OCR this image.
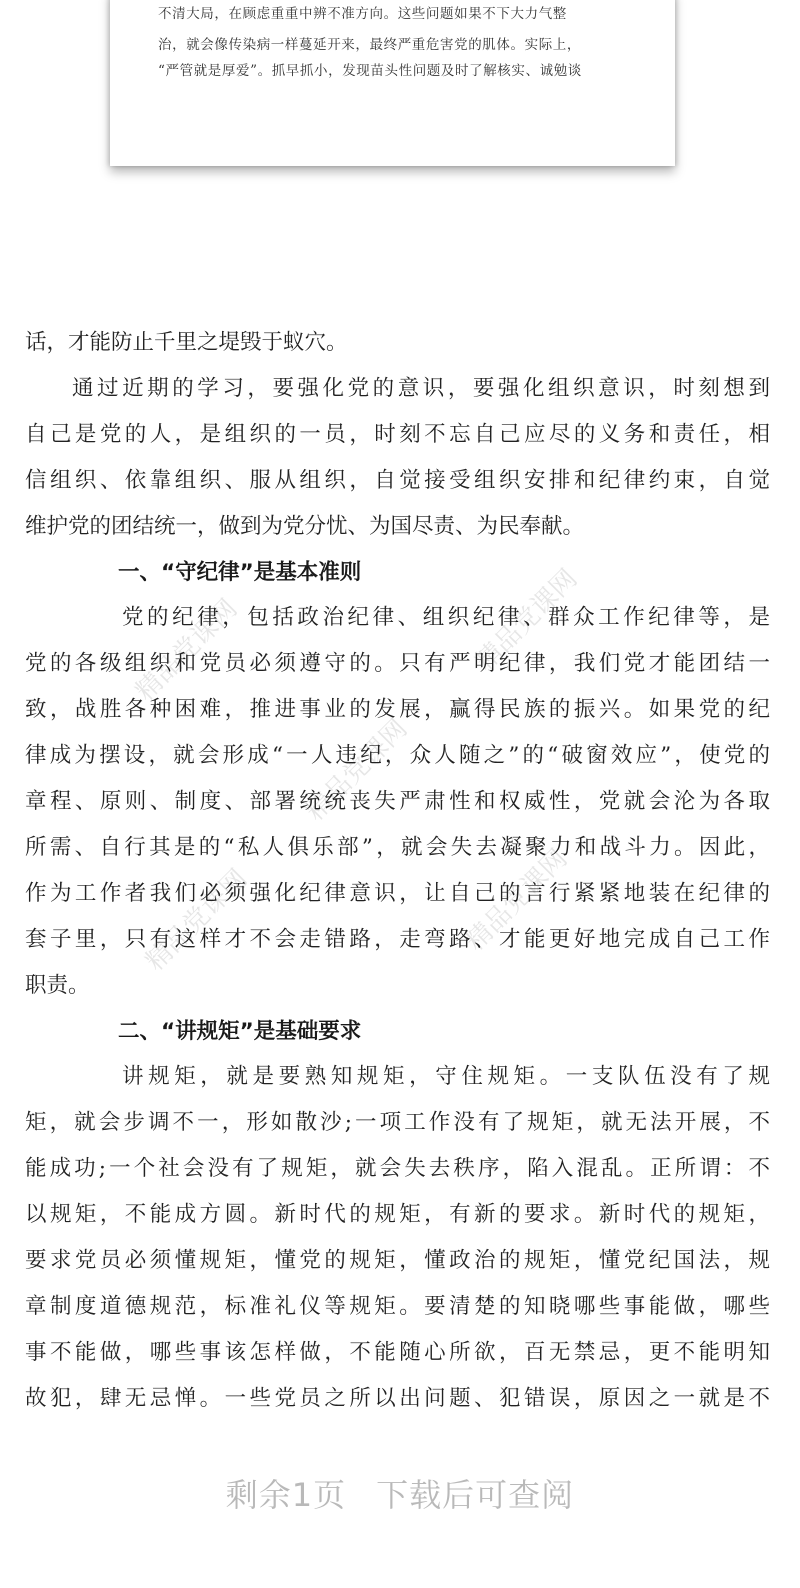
不清大局，在顾虑重重中辨不准方向。这些问题如果不下大力气整
治，就会像传染病一样蔓延开来，最终严重危害党的肌体。实际上，
“严管就是厚爱”。抓早抓小，发现苗头性问题及时了解核实、诚勉谈
精品党课网	精品党课网
精品党课网
精品党课网	精品党课网
话，才能防止千里之堤毁于蚁穴。
通过近期的学习，要强化党的意识，要强化组织意识，时刻想到
自己是党的人，是组织的一员，时刻不忘自己应尽的义务和责任，相
信组织、依靠组织、服从组织，自觉接受组织安排和纪律约束，自觉
维护党的团结统一，做到为党分忧、为国尽责、为民奉献。
一、“守纪律”是基本准则
党的纪律，包括政治纪律、组织纪律、群众工作纪律等，是
党的各级组织和党员必须遵守的。只有严明纪律，我们党才能团结一
致，战胜各种困难，推进事业的发展，赢得民族的振兴。如果党的纪
律成为摆设，就会形成“一人违纪，众人随之”的“破窗效应”，使党的
章程、原则、制度、部署统统丧失严肃性和权威性，党就会沦为各取
所需、自行其是的“私人俱乐部”，就会失去凝聚力和战斗力。因此，
作为工作者我们必须强化纪律意识，让自己的言行紧紧地装在纪律的
套子里，只有这样才不会走错路，走弯路、才能更好地完成自己工作
职责。
二、“讲规矩”是基础要求
讲规矩，就是要熟知规矩，守住规矩。一支队伍没有了规
矩，就会步调不一，形如散沙;一项工作没有了规矩，就无法开展，不
能成功;一个社会没有了规矩，就会失去秩序，陷入混乱。正所谓：不
以规矩，不能成方圆。新时代的规矩，有新的要求。新时代的规矩，
要求党员必须懂规矩，懂党的规矩，懂政治的规矩，懂党纪国法，规
章制度道德规范，标准礼仪等规矩。要清楚的知晓哪些事能做，哪些
事不能做，哪些事该怎样做，不能随心所欲，百无禁忌，更不能明知
故犯，肆无忌惮。一些党员之所以出问题、犯错误，原因之一就是不
剩余1页 下载后可查阅
